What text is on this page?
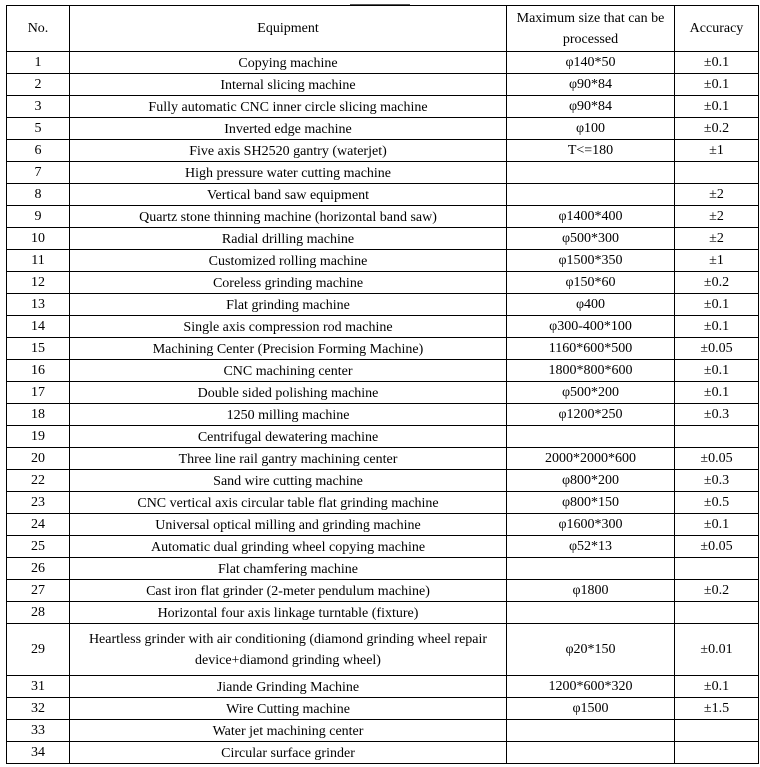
No.	Equipment	Maximum size that can be processed	Accuracy
1	Copying machine	φ140*50	±0.1
2	Internal slicing machine	φ90*84	±0.1
3	Fully automatic CNC inner circle slicing machine	φ90*84	±0.1
5	Inverted edge machine	φ100	±0.2
6	Five axis SH2520 gantry (waterjet)	T<=180	±1
7	High pressure water cutting machine		
8	Vertical band saw equipment		±2
9	Quartz stone thinning machine (horizontal band saw)	φ1400*400	±2
10	Radial drilling machine	φ500*300	±2
11	Customized rolling machine	φ1500*350	±1
12	Coreless grinding machine	φ150*60	±0.2
13	Flat grinding machine	φ400	±0.1
14	Single axis compression rod machine	φ300-400*100	±0.1
15	Machining Center (Precision Forming Machine)	1160*600*500	±0.05
16	CNC machining center	1800*800*600	±0.1
17	Double sided polishing machine	φ500*200	±0.1
18	1250 milling machine	φ1200*250	±0.3
19	Centrifugal dewatering machine		
20	Three line rail gantry machining center	2000*2000*600	±0.05
22	Sand wire cutting machine	φ800*200	±0.3
23	CNC vertical axis circular table flat grinding machine	φ800*150	±0.5
24	Universal optical milling and grinding machine	φ1600*300	±0.1
25	Automatic dual grinding wheel copying machine	φ52*13	±0.05
26	Flat chamfering machine		
27	Cast iron flat grinder (2-meter pendulum machine)	φ1800	±0.2
28	Horizontal four axis linkage turntable (fixture)		
29	Heartless grinder with air conditioning (diamond grinding wheel repair device+diamond grinding wheel)	φ20*150	±0.01
31	Jiande Grinding Machine	1200*600*320	±0.1
32	Wire Cutting machine	φ1500	±1.5
33	Water jet machining center		
34	Circular surface grinder		
